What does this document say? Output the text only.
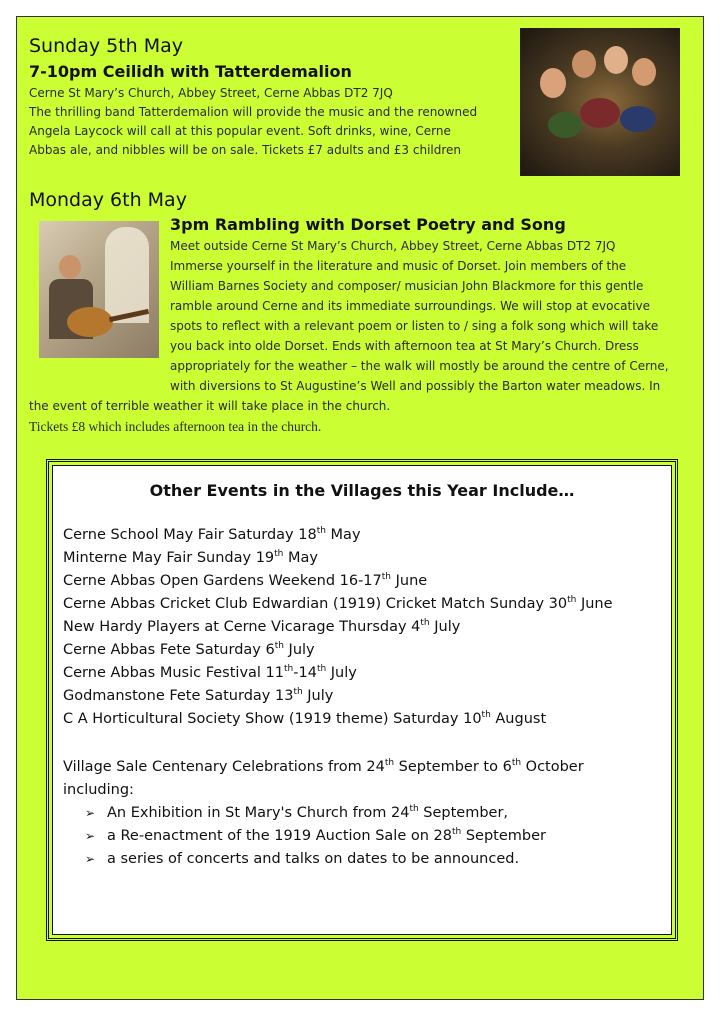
Sunday 5th May
7-10pm Ceilidh with Tatterdemalion
Cerne St Mary’s Church, Abbey Street, Cerne Abbas DT2 7JQ
The thrilling band Tatterdemalion will provide the music and the renowned
Angela Laycock will call at this popular event. Soft drinks, wine, Cerne
Abbas ale, and nibbles will be on sale. Tickets £7 adults and £3 children
Monday 6th May
3pm Rambling with Dorset Poetry and Song
Meet outside Cerne St Mary’s Church, Abbey Street, Cerne Abbas DT2 7JQ
Immerse yourself in the literature and music of Dorset. Join members of the
William Barnes Society and composer/ musician John Blackmore for this gentle
ramble around Cerne and its immediate surroundings. We will stop at evocative
spots to reflect with a relevant poem or listen to / sing a folk song which will take
you back into olde Dorset. Ends with afternoon tea at St Mary’s Church. Dress
appropriately for the weather – the walk will mostly be around the centre of Cerne,
with diversions to St Augustine’s Well and possibly the Barton water meadows. In
the event of terrible weather it will take place in the church.
Tickets £8 which includes afternoon tea in the church.
Other Events in the Villages this Year Include…
Cerne School May Fair Saturday 18th May
Minterne May Fair Sunday 19th May
Cerne Abbas Open Gardens Weekend 16-17th June
Cerne Abbas Cricket Club Edwardian (1919) Cricket Match Sunday 30th June
New Hardy Players at Cerne Vicarage Thursday 4th July
Cerne Abbas Fete Saturday 6th July
Cerne Abbas Music Festival 11th-14th July
Godmanstone Fete Saturday 13th July
C A Horticultural Society Show (1919 theme) Saturday 10th August
Village Sale Centenary Celebrations from 24th September to 6th October
including:
➢ An Exhibition in St Mary's Church from 24th September,
➢ a Re-enactment of the 1919 Auction Sale on 28th September
➢ a series of concerts and talks on dates to be announced.
